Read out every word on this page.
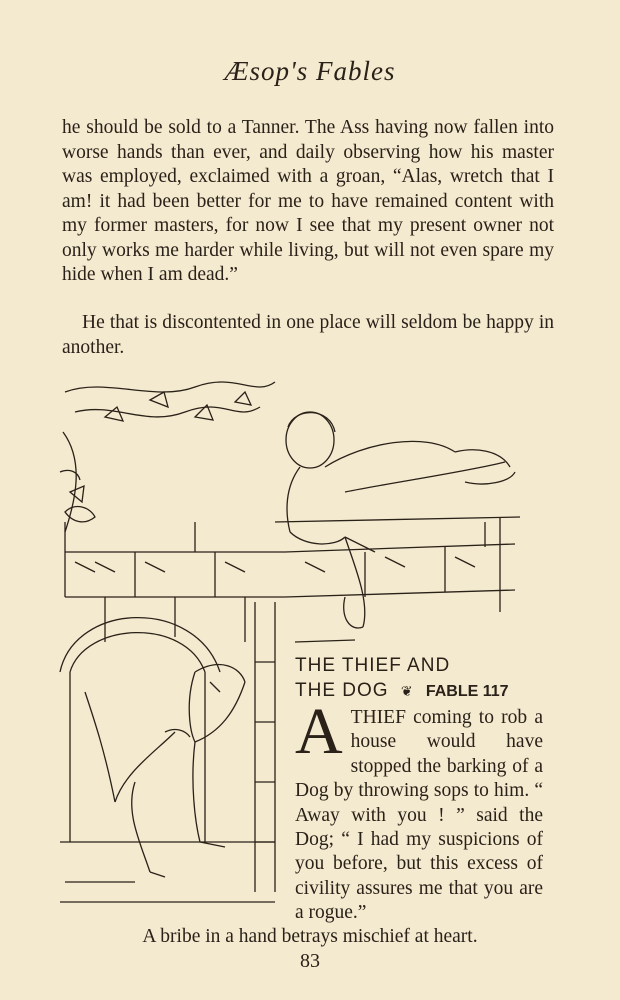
Æsop's Fables

he should be sold to a Tanner. The Ass having now fallen into worse hands than ever, and daily observing how his master was employed, exclaimed with a groan, “Alas, wretch that I am! it had been better for me to have remained content with my former masters, for now I see that my present owner not only works me harder while living, but will not even spare my hide when I am dead.”

He that is discontented in one place will seldom be happy in another.

THE THIEF AND
THE DOG ❦ FABLE 117
A THIEF coming to rob a house would have stopped the barking of a Dog by throwing sops to him. “ Away with you ! ” said the Dog; “ I had my suspicions of you before, but this excess of civility assures me that you are a rogue.”
A bribe in a hand betrays mischief at heart.
83
